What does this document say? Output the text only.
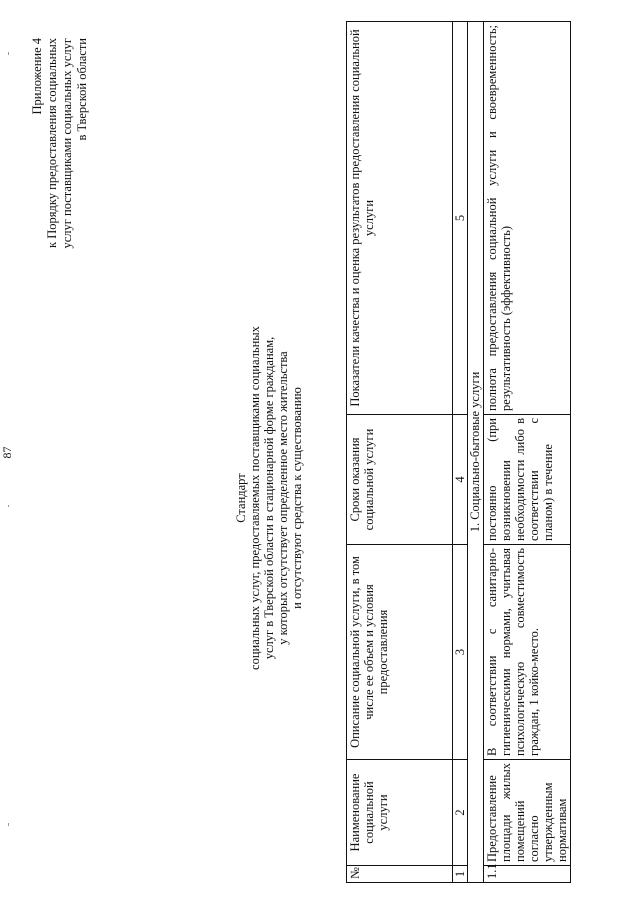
87
Приложение 4 к Порядку предоставления социальных услуг поставщиками социальных услуг в Тверской области
Стандарт социальных услуг, предоставляемых поставщиками социальных услуг в Тверской области в стационарной форме гражданам, у которых отсутствует определенное место жительства и отсутствуют средства к существованию
№	Наименование социальной услуги	Описание социальной услуги, в том числе ее объем и условия предоставления	Сроки оказания социальной услуги	Показатели качества и оценка результатов предоставления социальной услуги
1	2	3	4	5
1. Социально-бытовые услуги				
1.1	Предоставление площади жилых помещений согласно утвержденным нормативам	В соответствии с санитарно-гигиеническими нормами, учитывая психологическую совместимость граждан, 1 койко-место.	постоянно (при возникновении необходимости либо в соответствии с планом) в течение	полнота предоставления социальной услуги и своевременность; результативность (эффективность)
